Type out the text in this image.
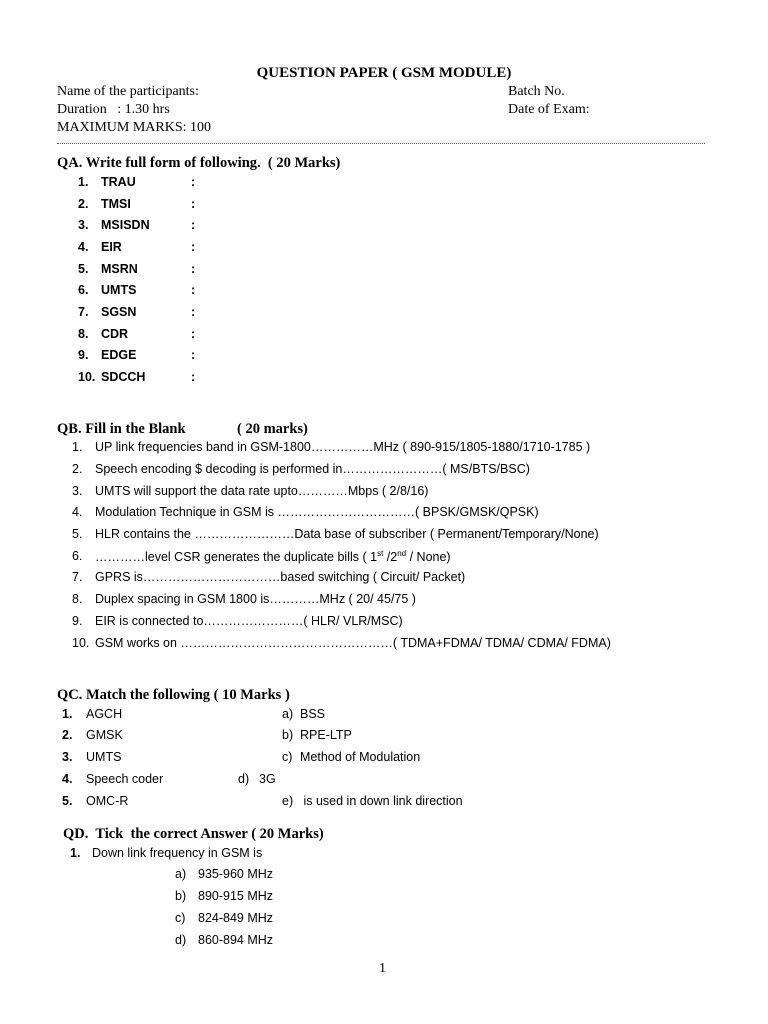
QUESTION PAPER ( GSM MODULE)
Name of the participants:	Batch No.
Duration   : 1.30 hrs	Date of Exam:
MAXIMUM MARKS: 100
QA. Write full form of following.  ( 20 Marks)
1. TRAU	:
2. TMSI	:
3. MSISDN	:
4. EIR	:
5. MSRN	:
6. UMTS	:
7. SGSN	:
8. CDR	:
9. EDGE	:
10. SDCCH	:
QB. Fill in the Blank	( 20 marks)
1. UP link frequencies band in GSM-1800……………MHz ( 890-915/1805-1880/1710-1785 )
2. Speech encoding $ decoding is performed in……………………( MS/BTS/BSC)
3. UMTS will support the data rate upto…………Mbps ( 2/8/16)
4. Modulation Technique in GSM is ……………………………( BPSK/GMSK/QPSK)
5. HLR contains the ……………………Data base of subscriber ( Permanent/Temporary/None)
6. …………level CSR generates the duplicate bills ( 1st /2nd / None)
7. GPRS is……………………………based switching ( Circuit/ Packet)
8. Duplex spacing in GSM 1800 is…………MHz ( 20/ 45/75 )
9. EIR is connected to……………………( HLR/ VLR/MSC)
10. GSM works on ……………………………………………( TDMA+FDMA/ TDMA/ CDMA/ FDMA)
QC. Match the following ( 10 Marks )
1. AGCH	a) BSS
2. GMSK	b) RPE-LTP
3. UMTS	c) Method of Modulation
4. Speech coder	d) 3G
5. OMC-R	e) is used in down link direction
QD.  Tick  the correct Answer ( 20 Marks)
1. Down link frequency in GSM is
a) 935-960 MHz
b) 890-915 MHz
c) 824-849 MHz
d) 860-894 MHz
1
